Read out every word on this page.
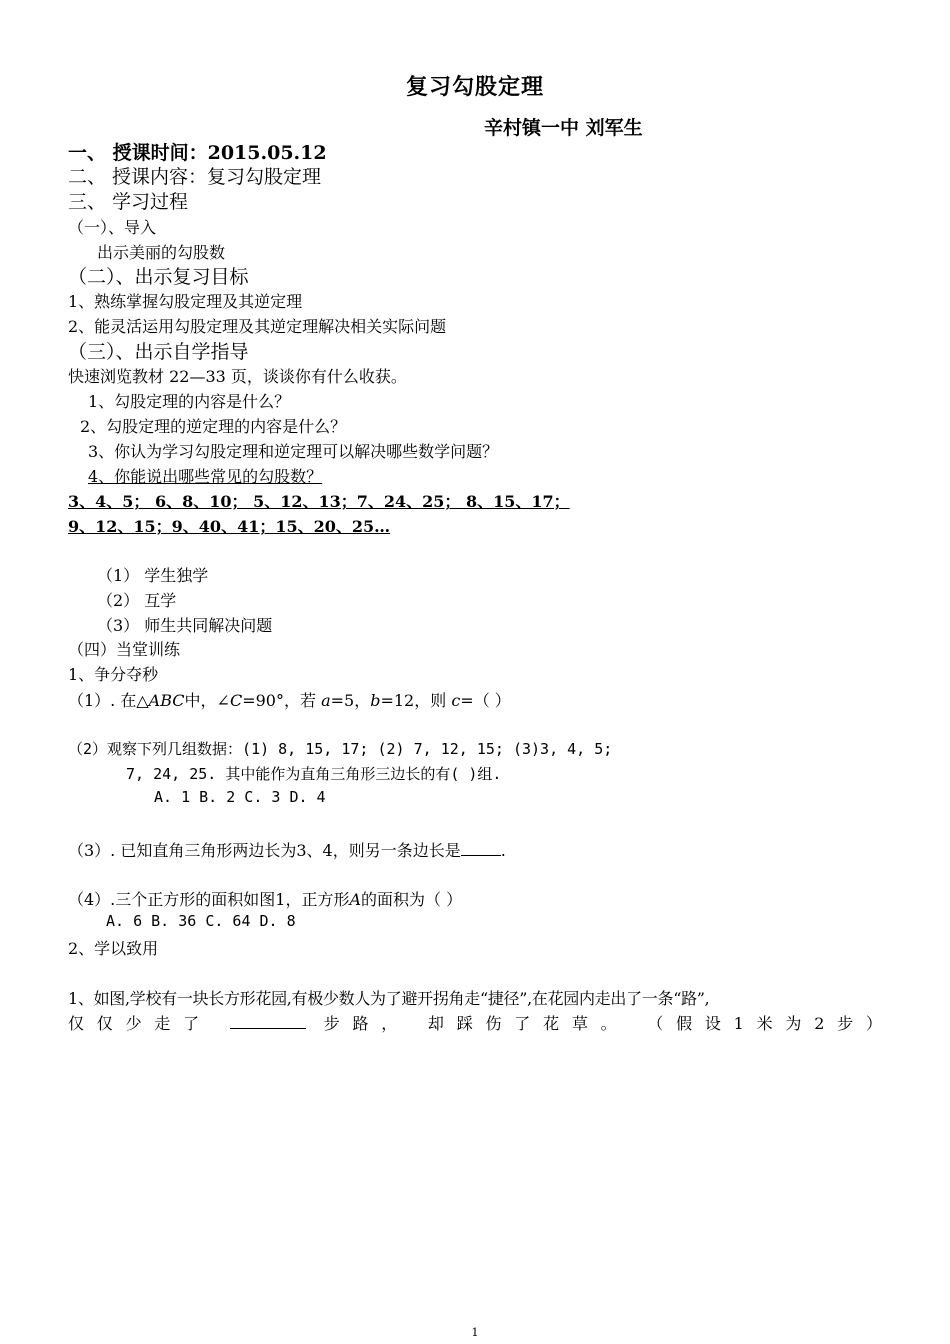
复习勾股定理
辛村镇一中 刘军生
一、 授课时间：2015.05.12
二、 授课内容：复习勾股定理
三、 学习过程
（一）、导入
出示美丽的勾股数
（二）、出示复习目标
1、熟练掌握勾股定理及其逆定理
2、能灵活运用勾股定理及其逆定理解决相关实际问题
（三）、出示自学指导
快速浏览教材 22—33 页，谈谈你有什么收获。
1、勾股定理的内容是什么？
2、勾股定理的逆定理的内容是什么？
3、你认为学习勾股定理和逆定理可以解决哪些数学问题？
4、你能说出哪些常见的勾股数？
3、4、5； 6、8、10； 5、12、13；7、24、25； 8、15、17；
9、12、15；9、40、41；15、20、25…
（1） 学生独学
（2） 互学
（3） 师生共同解决问题
（四）当堂训练
1、争分夺秒
（1）. 在△ABC中，∠C=90°，若 a=5，b=12，则 c=（ ）
（2）观察下列几组数据：(1) 8, 15, 17; (2) 7, 12, 15; (3)3, 4, 5;
7, 24, 25. 其中能作为直角三角形三边长的有( )组.
A. 1 B. 2 C. 3 D. 4
（3）. 已知直角三角形两边长为3、4，则另一条边长是	.
（4）.三个正方形的面积如图1，正方形A的面积为（ ）
A. 6 B. 36 C. 64 D. 8
2、学以致用
1、如图,学校有一块长方形花园,有极少数人为了避开拐角走“捷径”,在花园内走出了一条“路”,
仅仅少走了	步路， 却踩伤了花草。 （假设1米为2步）
1
